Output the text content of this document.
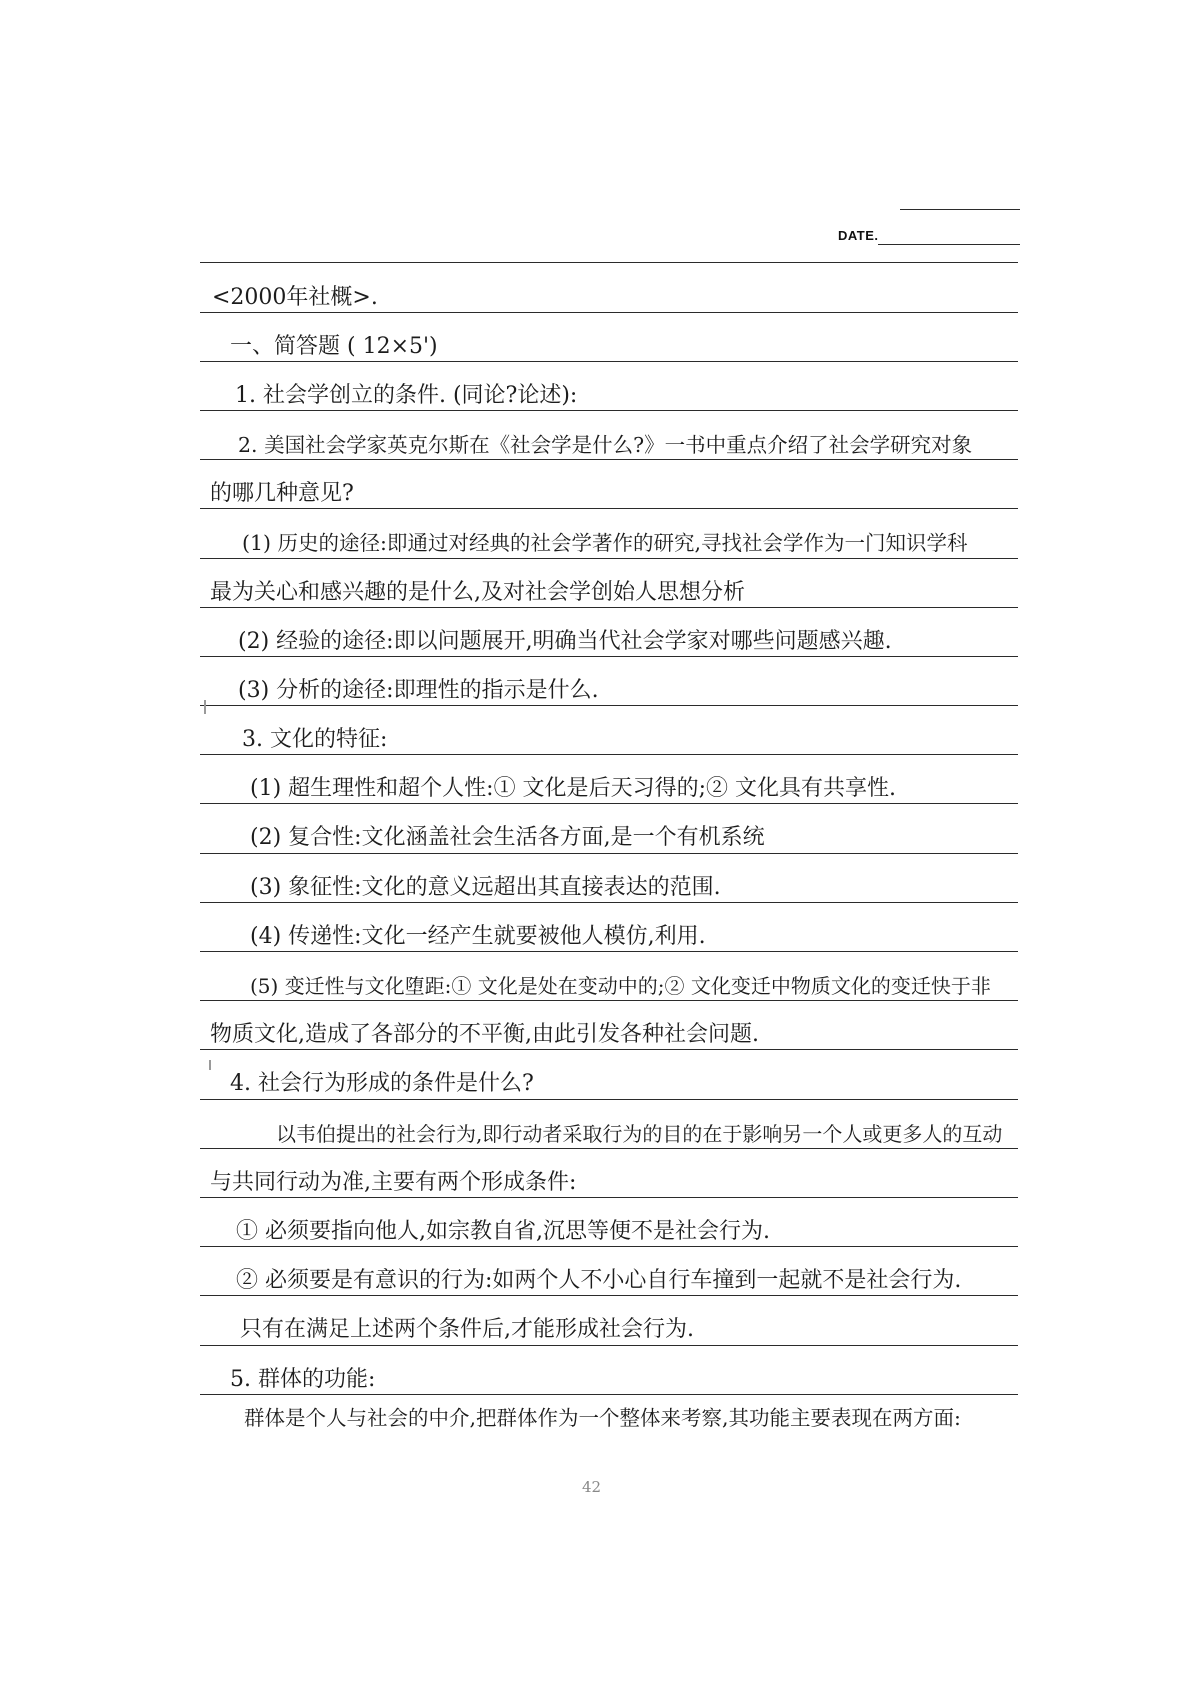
DATE.
<2000年社概>.
一、简答题 ( 12×5')
1. 社会学创立的条件. (同论?论述):
2. 美国社会学家英克尔斯在《社会学是什么?》一书中重点介绍了社会学研究对象
的哪几种意见?
(1) 历史的途径:即通过对经典的社会学著作的研究,寻找社会学作为一门知识学科
最为关心和感兴趣的是什么,及对社会学创始人思想分析
(2) 经验的途径:即以问题展开,明确当代社会学家对哪些问题感兴趣.
(3) 分析的途径:即理性的指示是什么.
3. 文化的特征:
(1) 超生理性和超个人性:① 文化是后天习得的;② 文化具有共享性.
(2) 复合性:文化涵盖社会生活各方面,是一个有机系统
(3) 象征性:文化的意义远超出其直接表达的范围.
(4) 传递性:文化一经产生就要被他人模仿,利用.
(5) 变迁性与文化堕距:① 文化是处在变动中的;② 文化变迁中物质文化的变迁快于非
物质文化,造成了各部分的不平衡,由此引发各种社会问题.
4. 社会行为形成的条件是什么?
以韦伯提出的社会行为,即行动者采取行为的目的在于影响另一个人或更多人的互动
与共同行动为准,主要有两个形成条件:
① 必须要指向他人,如宗教自省,沉思等便不是社会行为.
② 必须要是有意识的行为:如两个人不小心自行车撞到一起就不是社会行为.
只有在满足上述两个条件后,才能形成社会行为.
5. 群体的功能:
群体是个人与社会的中介,把群体作为一个整体来考察,其功能主要表现在两方面:
42
